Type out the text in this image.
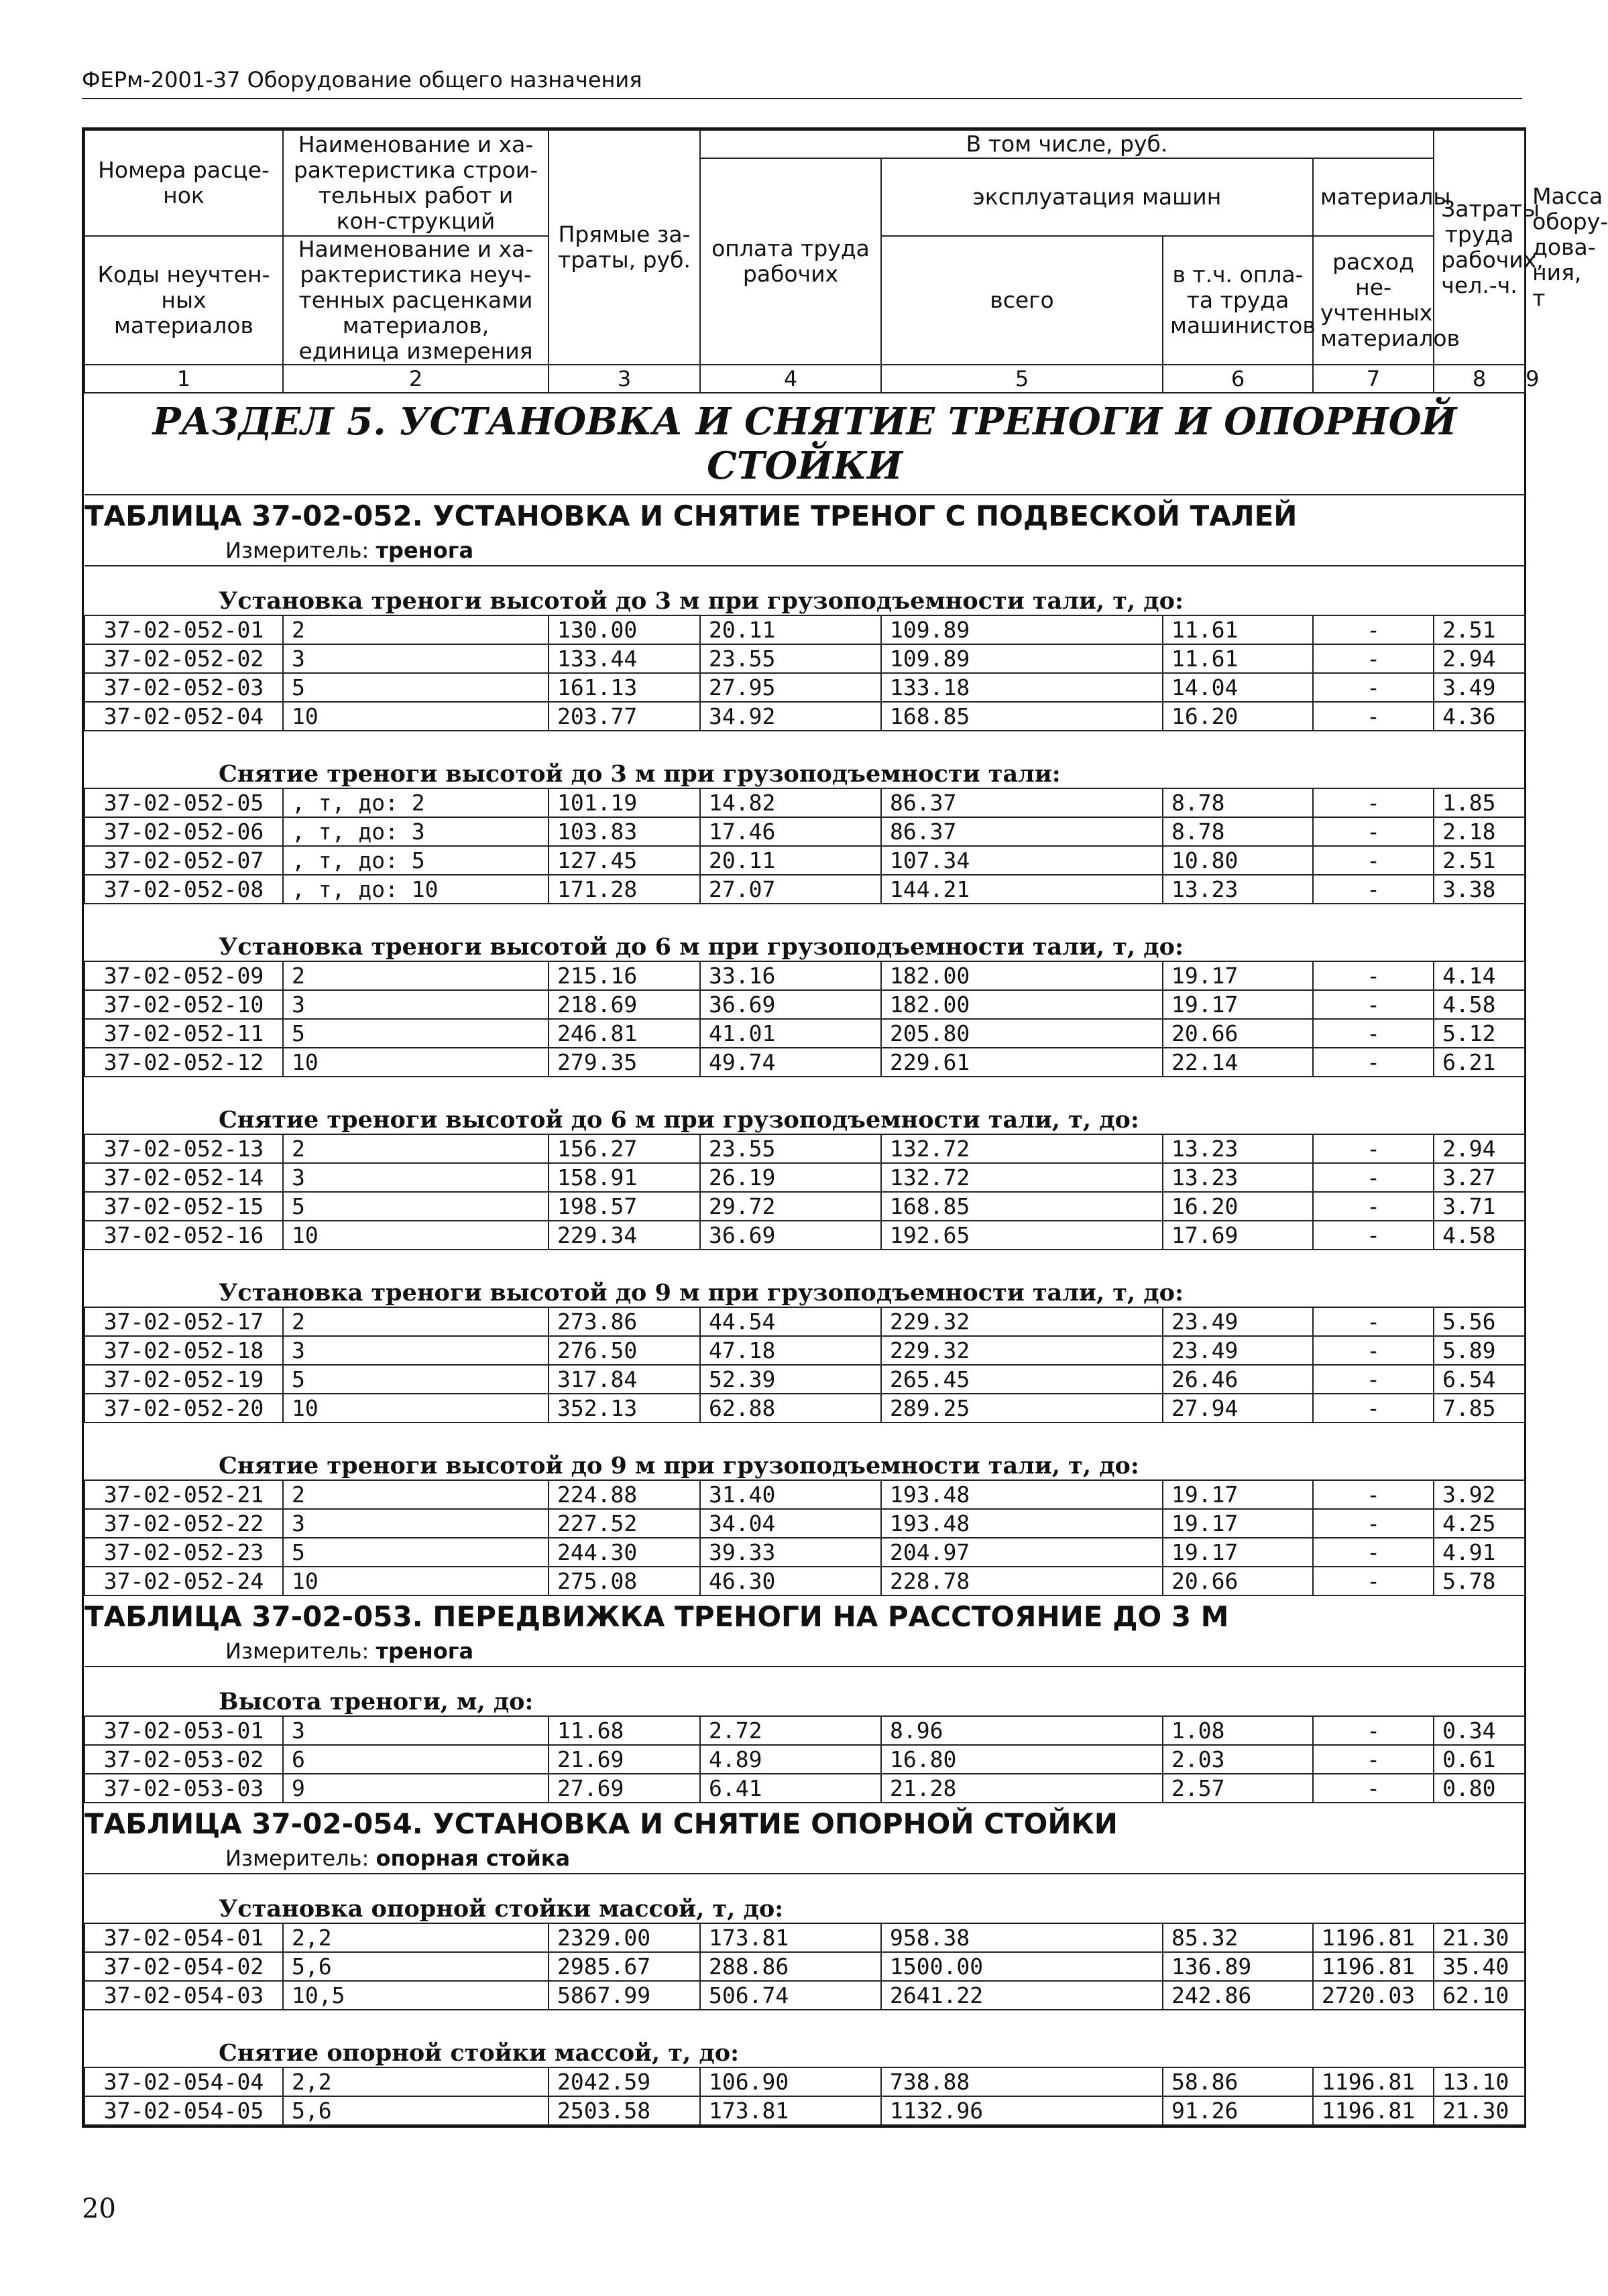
ФЕРм-2001-37 Оборудование общего назначения
Номера расце-нок	Наименование и ха-рактеристика строи-тельных работ и кон-струкций	Прямые за-траты, руб.	В том числе, руб.				Затраты труда рабочих, чел.-ч.	Масса обору-дова-ния, т
			оплата труда рабочих	эксплуатация машин		материалы		

Коды неучтен-ных материалов	Наименование и ха-рактеристика неуч-тенных расценками материалов, единица измерения			всего	в т.ч. опла-та труда машинистов	расход не-учтенных материалов		

1	2	3	4	5	6	7	8	9
РАЗДЕЛ 5. УСТАНОВКА И СНЯТИЕ ТРЕНОГИ И ОПОРНОЙ СТОЙКИ								
ТАБЛИЦА 37-02-052. УСТАНОВКА И СНЯТИЕ ТРЕНОГ С ПОДВЕСКОЙ ТАЛЕЙ								
Измеритель: тренога								
Установка треноги высотой до 3 м при грузоподъемности тали, т, до:								
37-02-052-01	2	130.00	20.11	109.89	11.61	-	2.51	
37-02-052-02	3	133.44	23.55	109.89	11.61	-	2.94	
37-02-052-03	5	161.13	27.95	133.18	14.04	-	3.49	
37-02-052-04	10	203.77	34.92	168.85	16.20	-	4.36	
Снятие треноги высотой до 3 м при грузоподъемности тали:								
37-02-052-05	, т, до: 2	101.19	14.82	86.37	8.78	-	1.85	
37-02-052-06	, т, до: 3	103.83	17.46	86.37	8.78	-	2.18	
37-02-052-07	, т, до: 5	127.45	20.11	107.34	10.80	-	2.51	
37-02-052-08	, т, до: 10	171.28	27.07	144.21	13.23	-	3.38	
Установка треноги высотой до 6 м при грузоподъемности тали, т, до:								
37-02-052-09	2	215.16	33.16	182.00	19.17	-	4.14	
37-02-052-10	3	218.69	36.69	182.00	19.17	-	4.58	
37-02-052-11	5	246.81	41.01	205.80	20.66	-	5.12	
37-02-052-12	10	279.35	49.74	229.61	22.14	-	6.21	
Снятие треноги высотой до 6 м при грузоподъемности тали, т, до:								
37-02-052-13	2	156.27	23.55	132.72	13.23	-	2.94	
37-02-052-14	3	158.91	26.19	132.72	13.23	-	3.27	
37-02-052-15	5	198.57	29.72	168.85	16.20	-	3.71	
37-02-052-16	10	229.34	36.69	192.65	17.69	-	4.58	
Установка треноги высотой до 9 м при грузоподъемности тали, т, до:								
37-02-052-17	2	273.86	44.54	229.32	23.49	-	5.56	
37-02-052-18	3	276.50	47.18	229.32	23.49	-	5.89	
37-02-052-19	5	317.84	52.39	265.45	26.46	-	6.54	
37-02-052-20	10	352.13	62.88	289.25	27.94	-	7.85	
Снятие треноги высотой до 9 м при грузоподъемности тали, т, до:								
37-02-052-21	2	224.88	31.40	193.48	19.17	-	3.92	
37-02-052-22	3	227.52	34.04	193.48	19.17	-	4.25	
37-02-052-23	5	244.30	39.33	204.97	19.17	-	4.91	
37-02-052-24	10	275.08	46.30	228.78	20.66	-	5.78	
ТАБЛИЦА 37-02-053. ПЕРЕДВИЖКА ТРЕНОГИ НА РАССТОЯНИЕ ДО 3 М								
Измеритель: тренога								
Высота треноги, м, до:								
37-02-053-01	3	11.68	2.72	8.96	1.08	-	0.34	
37-02-053-02	6	21.69	4.89	16.80	2.03	-	0.61	
37-02-053-03	9	27.69	6.41	21.28	2.57	-	0.80	
ТАБЛИЦА 37-02-054. УСТАНОВКА И СНЯТИЕ ОПОРНОЙ СТОЙКИ								
Измеритель: опорная стойка								
Установка опорной стойки массой, т, до:								
37-02-054-01	2,2	2329.00	173.81	958.38	85.32	1196.81	21.30	
37-02-054-02	5,6	2985.67	288.86	1500.00	136.89	1196.81	35.40	
37-02-054-03	10,5	5867.99	506.74	2641.22	242.86	2720.03	62.10	
Снятие опорной стойки массой, т, до:								
37-02-054-04	2,2	2042.59	106.90	738.88	58.86	1196.81	13.10	
37-02-054-05	5,6	2503.58	173.81	1132.96	91.26	1196.81	21.30	
20
